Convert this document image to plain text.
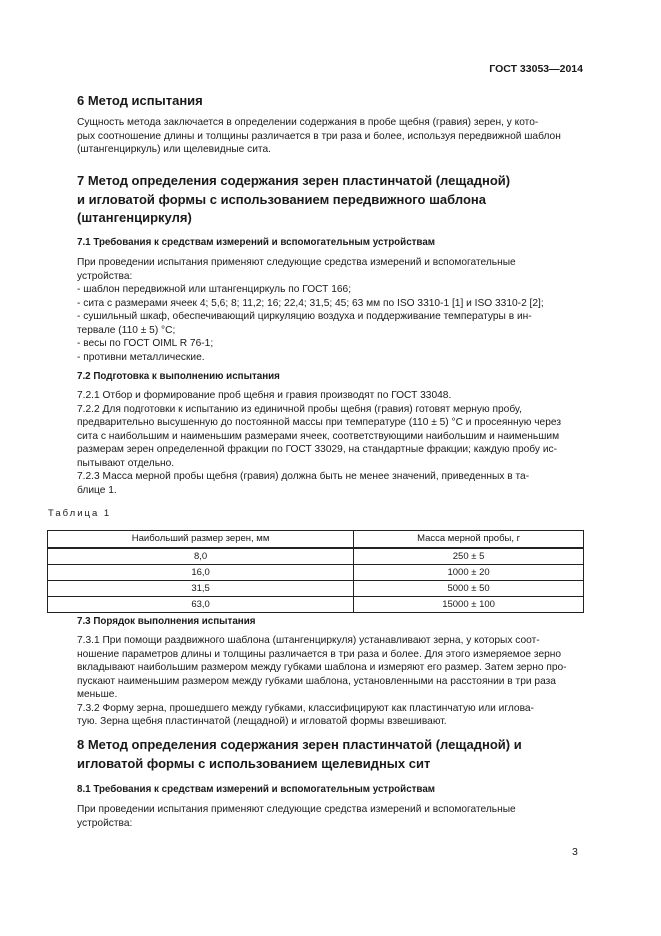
ГОСТ 33053—2014
6 Метод испытания

Сущность метода заключается в определении содержания в пробе щебня (гравия) зерен, у кото-

рых соотношение длины и толщины различается в три раза и более, используя передвижной шаблон

(штангенциркуль) или щелевидные сита.

7 Метод определения содержания зерен пластинчатой (лещадной)
и игловатой формы с использованием передвижного шаблона
(штангенциркуля)
7.1 Требования к средствам измерений и вспомогательным устройствам

При проведении испытания применяют следующие средства измерений и вспомогательные

устройства:

- шаблон передвижной или штангенциркуль по ГОСТ 166;

- сита с размерами ячеек 4; 5,6; 8; 11,2; 16; 22,4; 31,5; 45; 63 мм по ISO 3310-1 [1] и ISO 3310-2 [2];

- сушильный шкаф, обеспечивающий циркуляцию воздуха и поддерживание температуры в ин-

тервале (110 ± 5) °С;

- весы по ГОСТ OIML R 76-1;

- противни металлические.

7.2 Подготовка к выполнению испытания

7.2.1 Отбор и формирование проб щебня и гравия производят по ГОСТ 33048.

7.2.2 Для подготовки к испытанию из единичной пробы щебня (гравия) готовят мерную пробу,

предварительно высушенную до постоянной массы при температуре (110 ± 5) °С и просеянную через

сита с наибольшим и наименьшим размерами ячеек, соответствующими наибольшим и наименьшим

размерам зерен определенной фракции по ГОСТ 33029, на стандартные фракции; каждую пробу ис-

пытывают отдельно.

7.2.3 Масса мерной пробы щебня (гравия) должна быть не менее значений, приведенных в та-

блице 1.

Таблица 1
Наибольший размер зерен, мм	Масса мерной пробы, г
8,0	250 ± 5
16,0	1000 ± 20
31,5	5000 ± 50
63,0	15000 ± 100
7.3 Порядок выполнения испытания

7.3.1 При помощи раздвижного шаблона (штангенциркуля) устанавливают зерна, у которых соот-

ношение параметров длины и толщины различается в три раза и более. Для этого измеряемое зерно

вкладывают наибольшим размером между губками шаблона и измеряют его размер. Затем зерно про-

пускают наименьшим размером между губками шаблона, установленными на расстоянии в три раза

меньше.

7.3.2 Форму зерна, прошедшего между губками, классифицируют как пластинчатую или иглова-

тую. Зерна щебня пластинчатой (лещадной) и игловатой формы взвешивают.

8 Метод определения содержания зерен пластинчатой (лещадной) и
игловатой формы с использованием щелевидных сит
8.1 Требования к средствам измерений и вспомогательным устройствам

При проведении испытания применяют следующие средства измерений и вспомогательные

устройства:

3
